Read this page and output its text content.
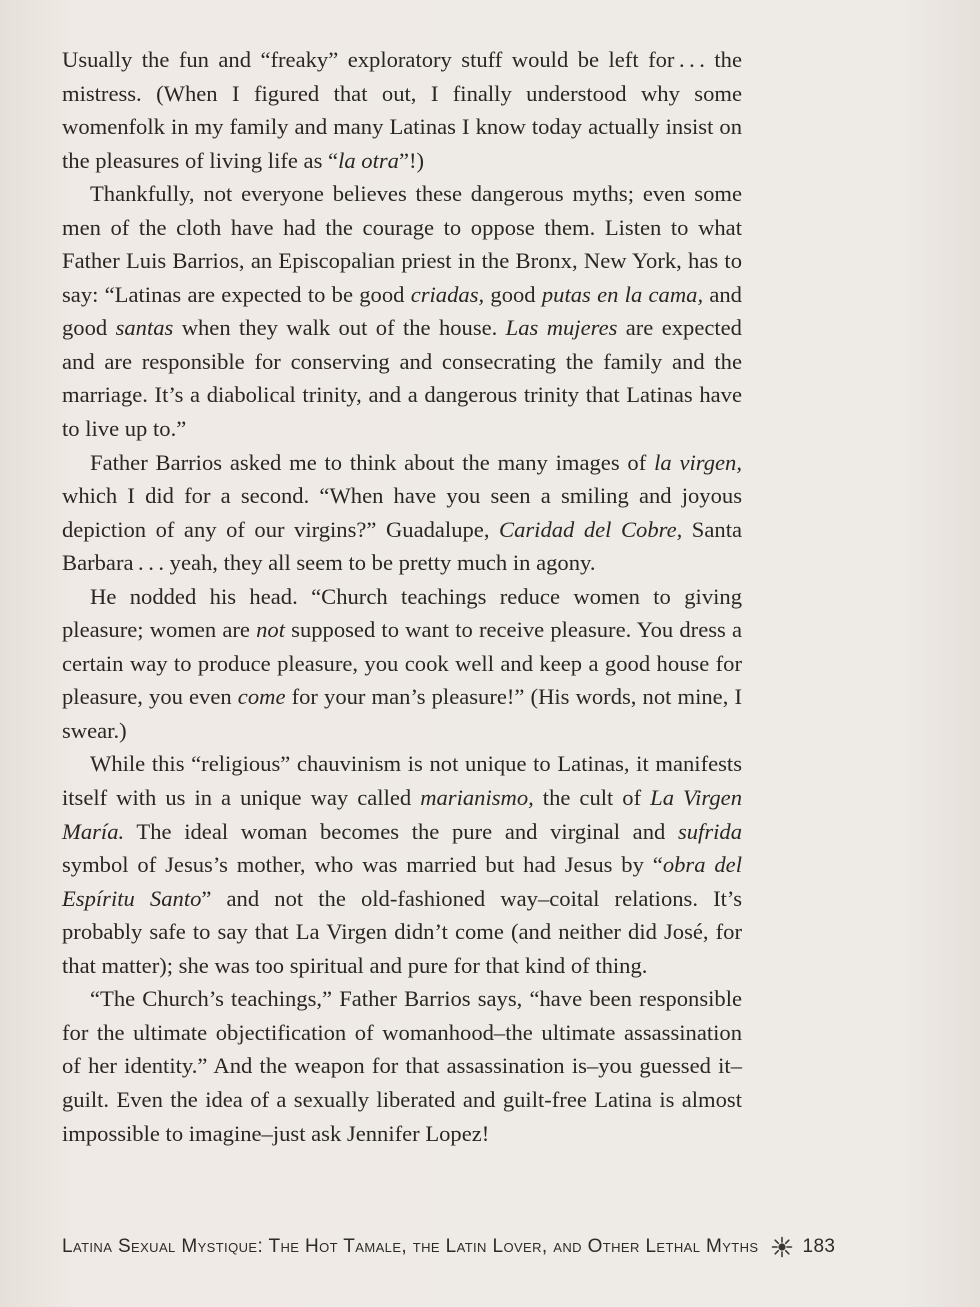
Usually the fun and “freaky” exploratory stuff would be left for . . . the mistress. (When I figured that out, I finally understood why some womenfolk in my family and many Latinas I know today actually insist on the pleasures of living life as “la otra”!)

Thankfully, not everyone believes these dangerous myths; even some men of the cloth have had the courage to oppose them. Listen to what Father Luis Barrios, an Episcopalian priest in the Bronx, New York, has to say: “Latinas are expected to be good criadas, good putas en la cama, and good santas when they walk out of the house. Las mujeres are expected and are responsible for conserving and consecrating the family and the marriage. It’s a diabolical trinity, and a dangerous trinity that Latinas have to live up to.”

Father Barrios asked me to think about the many images of la virgen, which I did for a second. “When have you seen a smiling and joyous depiction of any of our virgins?” Guadalupe, Caridad del Cobre, Santa Barbara . . . yeah, they all seem to be pretty much in agony.

He nodded his head. “Church teachings reduce women to giving pleasure; women are not supposed to want to receive pleasure. You dress a certain way to produce pleasure, you cook well and keep a good house for pleasure, you even come for your man’s pleasure!” (His words, not mine, I swear.)

While this “religious” chauvinism is not unique to Latinas, it manifests itself with us in a unique way called marianismo, the cult of La Virgen María. The ideal woman becomes the pure and virginal and sufrida symbol of Jesus’s mother, who was married but had Jesus by “obra del Espíritu Santo” and not the old-fashioned way–coital relations. It’s probably safe to say that La Virgen didn’t come (and neither did José, for that matter); she was too spiritual and pure for that kind of thing.

“The Church’s teachings,” Father Barrios says, “have been responsible for the ultimate objectification of womanhood–the ultimate assassination of her identity.” And the weapon for that assassination is–you guessed it–guilt. Even the idea of a sexually liberated and guilt-free Latina is almost impossible to imagine–just ask Jennifer Lopez!

Latina Sexual Mystique: The Hot Tamale, the Latin Lover, and Other Lethal Myths 183
